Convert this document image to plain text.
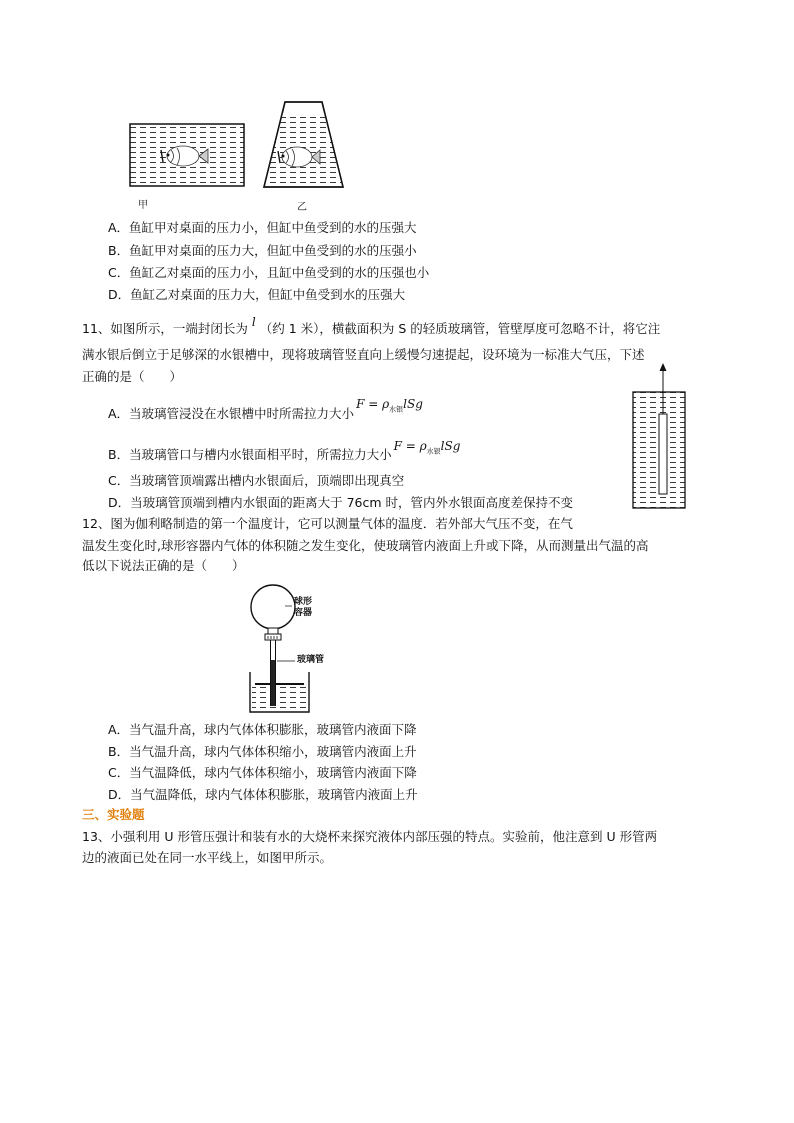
甲	乙
A．鱼缸甲对桌面的压力小，但缸中鱼受到的水的压强大
B．鱼缸甲对桌面的压力大，但缸中鱼受到的水的压强小
C．鱼缸乙对桌面的压力小，且缸中鱼受到的水的压强也小
D．鱼缸乙对桌面的压力大，但缸中鱼受到水的压强大
11、如图所示，一端封闭长为 l （约 1 米），横截面积为 S 的轻质玻璃管，管壁厚度可忽略不计，将它注
满水银后倒立于足够深的水银槽中，现将玻璃管竖直向上缓慢匀速提起，设环境为一标准大气压，下述
正确的是（　　）
A．当玻璃管浸没在水银槽中时所需拉力大小$F = \rho_{水银}lSg$
B．当玻璃管口与槽内水银面相平时，所需拉力大小$F = \rho_{水银}lSg$
C．当玻璃管顶端露出槽内水银面后，顶端即出现真空
D．当玻璃管顶端到槽内水银面的距离大于 76cm 时，管内外水银面高度差保持不变
12、图为伽利略制造的第一个温度计，它可以测量气体的温度．若外部大气压不变，在气
温发生变化时,球形容器内气体的体积随之发生变化，使玻璃管内液面上升或下降，从而测量出气温的高
低以下说法正确的是（　　）
球形
容器
玻璃管
A．当气温升高，球内气体体积膨胀，玻璃管内液面下降
B．当气温升高，球内气体体积缩小，玻璃管内液面上升
C．当气温降低，球内气体体积缩小，玻璃管内液面下降
D．当气温降低，球内气体体积膨胀，玻璃管内液面上升
三、实验题
13、小强利用 U 形管压强计和装有水的大烧杯来探究液体内部压强的特点。实验前，他注意到 U 形管两
边的液面已处在同一水平线上，如图甲所示。
